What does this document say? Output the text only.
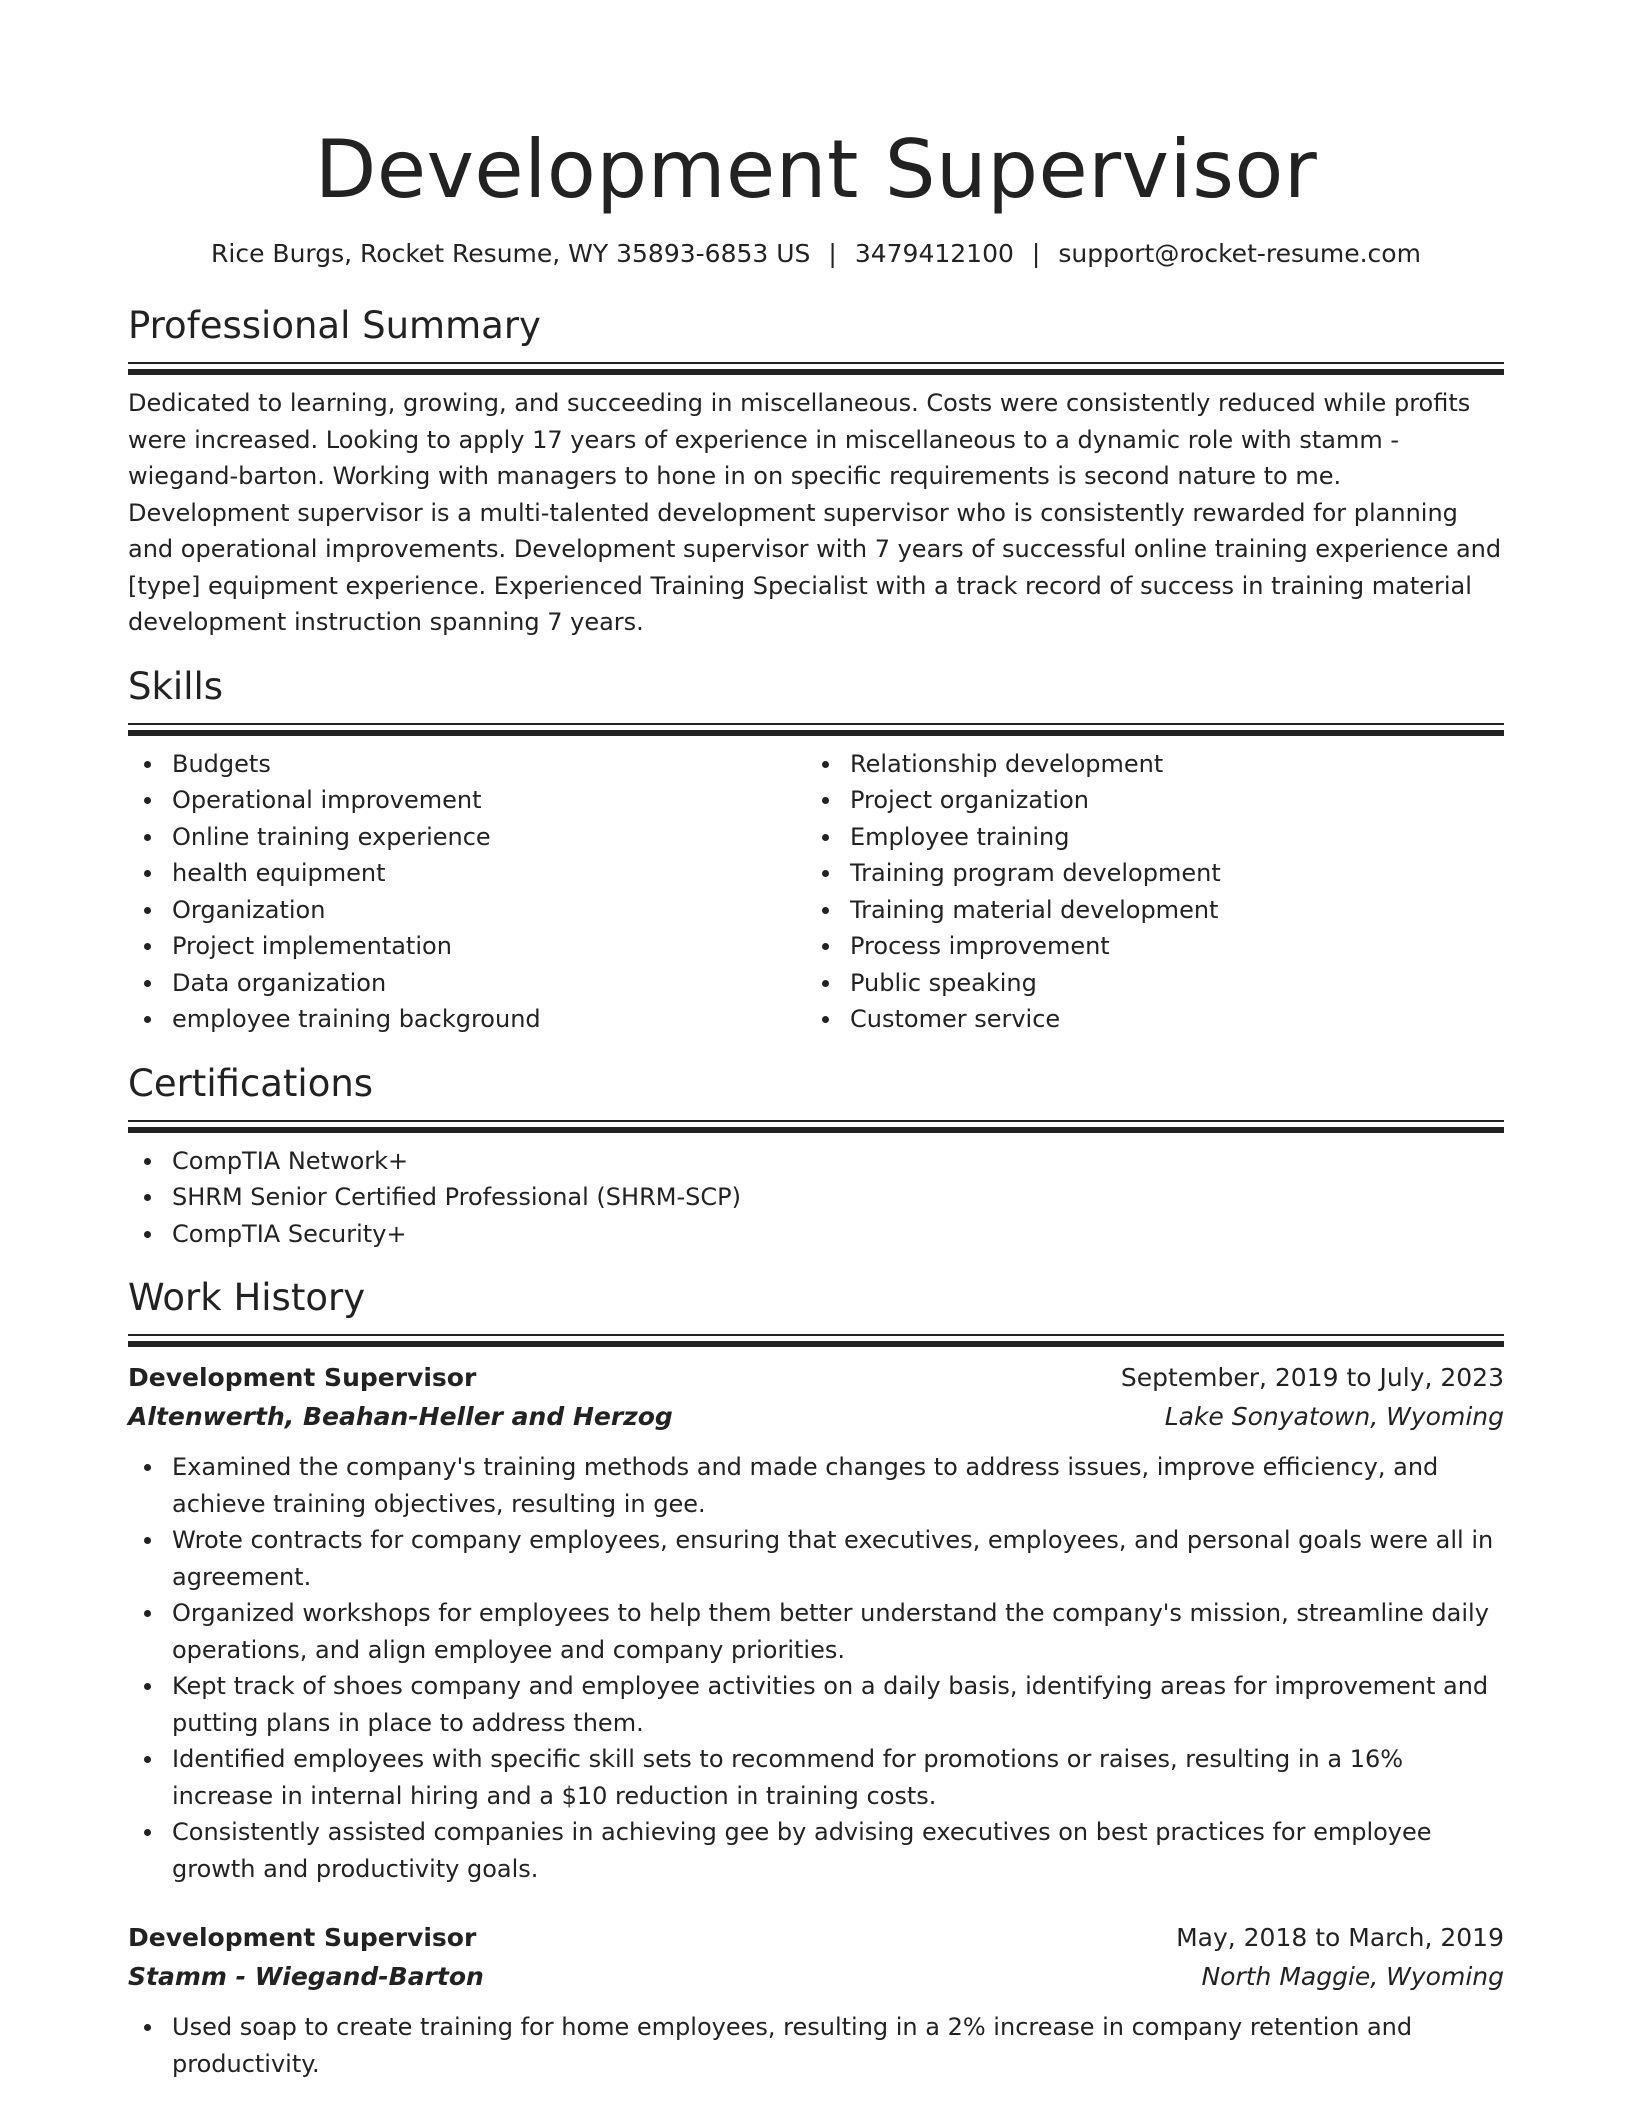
Development Supervisor
Rice Burgs, Rocket Resume, WY 35893-6853 US | 3479412100 | support@rocket-resume.com
Professional Summary

Dedicated to learning, growing, and succeeding in miscellaneous. Costs were consistently reduced while profits were increased. Looking to apply 17 years of experience in miscellaneous to a dynamic role with stamm - wiegand-barton. Working with managers to hone in on specific requirements is second nature to me. Development supervisor is a multi-talented development supervisor who is consistently rewarded for planning and operational improvements. Development supervisor with 7 years of successful online training experience and [type] equipment experience. Experienced Training Specialist with a track record of success in training material development instruction spanning 7 years.

Skills
Budgets
Operational improvement
Online training experience
health equipment
Organization
Project implementation
Data organization
employee training background
Relationship development
Project organization
Employee training
Training program development
Training material development
Process improvement
Public speaking
Customer service
Certifications
CompTIA Network+
SHRM Senior Certified Professional (SHRM-SCP)
CompTIA Security+
Work History
Development Supervisor	September, 2019 to July, 2023
Altenwerth, Beahan-Heller and Herzog	Lake Sonyatown, Wyoming
Examined the company's training methods and made changes to address issues, improve efficiency, and achieve training objectives, resulting in gee.
Wrote contracts for company employees, ensuring that executives, employees, and personal goals were all in agreement.
Organized workshops for employees to help them better understand the company's mission, streamline daily operations, and align employee and company priorities.
Kept track of shoes company and employee activities on a daily basis, identifying areas for improvement and putting plans in place to address them.
Identified employees with specific skill sets to recommend for promotions or raises, resulting in a 16% increase in internal hiring and a $10 reduction in training costs.
Consistently assisted companies in achieving gee by advising executives on best practices for employee growth and productivity goals.
Development Supervisor	May, 2018 to March, 2019
Stamm - Wiegand-Barton	North Maggie, Wyoming
Used soap to create training for home employees, resulting in a 2% increase in company retention and productivity.
